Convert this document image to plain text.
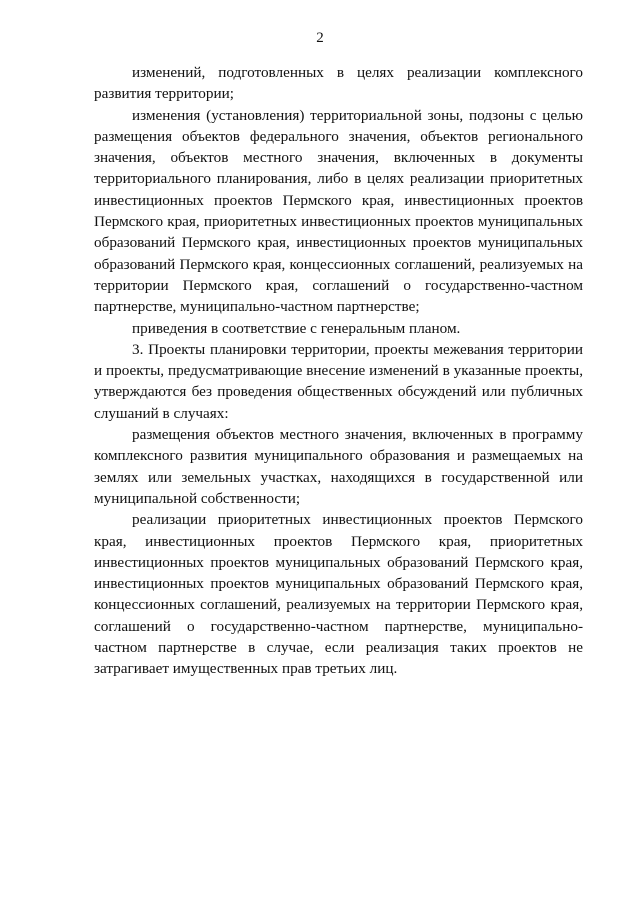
2

изменений, подготовленных в целях реализации комплексного развития территории;

изменения (установления) территориальной зоны, подзоны с целью размещения объектов федерального значения, объектов регионального значения, объектов местного значения, включенных в документы территориального планирования, либо в целях реализации приоритетных инвестиционных проектов Пермского края, инвестиционных проектов Пермского края, приоритетных инвестиционных проектов муниципальных образований Пермского края, инвестиционных проектов муниципальных образований Пермского края, концессионных соглашений, реализуемых на территории Пермского края, соглашений о государственно-частном партнерстве, муниципально-частном партнерстве;

приведения в соответствие с генеральным планом.

3. Проекты планировки территории, проекты межевания территории и проекты, предусматривающие внесение изменений в указанные проекты, утверждаются без проведения общественных обсуждений или публичных слушаний в случаях:

размещения объектов местного значения, включенных в программу комплексного развития муниципального образования и размещаемых на землях или земельных участках, находящихся в государственной или муниципальной собственности;

реализации приоритетных инвестиционных проектов Пермского края, инвестиционных проектов Пермского края, приоритетных инвестиционных проектов муниципальных образований Пермского края, инвестиционных проектов муниципальных образований Пермского края, концессионных соглашений, реализуемых на территории Пермского края, соглашений о государственно-частном партнерстве, муниципально-частном партнерстве в случае, если реализация таких проектов не затрагивает имущественных прав третьих лиц.
